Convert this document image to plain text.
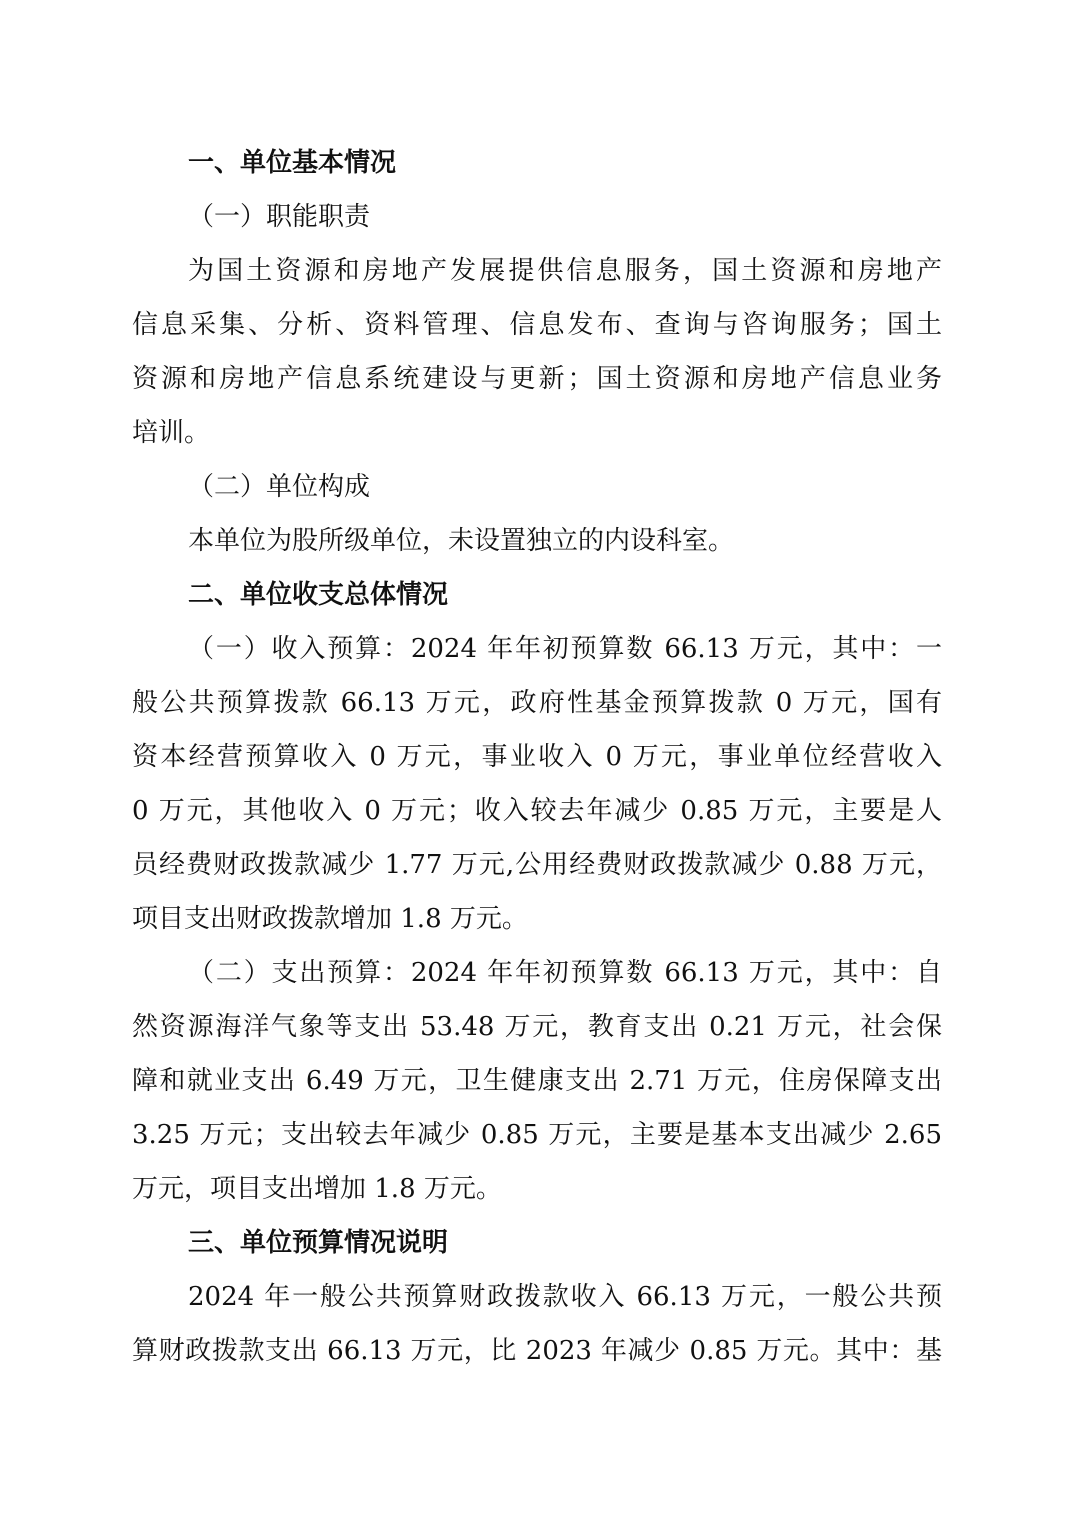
一、单位基本情况
（一）职能职责
为国土资源和房地产发展提供信息服务，国土资源和房地产
信息采集、分析、资料管理、信息发布、查询与咨询服务；国土
资源和房地产信息系统建设与更新；国土资源和房地产信息业务
培训。
（二）单位构成
本单位为股所级单位，未设置独立的内设科室。
二、单位收支总体情况
（一）收入预算：2024 年年初预算数 66.13 万元，其中：一
般公共预算拨款 66.13 万元，政府性基金预算拨款 0 万元，国有
资本经营预算收入 0 万元，事业收入 0 万元，事业单位经营收入
0 万元，其他收入 0 万元；收入较去年减少 0.85 万元，主要是人
员经费财政拨款减少 1.77 万元,公用经费财政拨款减少 0.88 万元，
项目支出财政拨款增加 1.8 万元。
（二）支出预算：2024 年年初预算数 66.13 万元，其中：自
然资源海洋气象等支出 53.48 万元，教育支出 0.21 万元，社会保
障和就业支出 6.49 万元，卫生健康支出 2.71 万元，住房保障支出
3.25 万元；支出较去年减少 0.85 万元，主要是基本支出减少 2.65
万元，项目支出增加 1.8 万元。
三、单位预算情况说明
2024 年一般公共预算财政拨款收入 66.13 万元，一般公共预
算财政拨款支出 66.13 万元，比 2023 年减少 0.85 万元。其中：基
